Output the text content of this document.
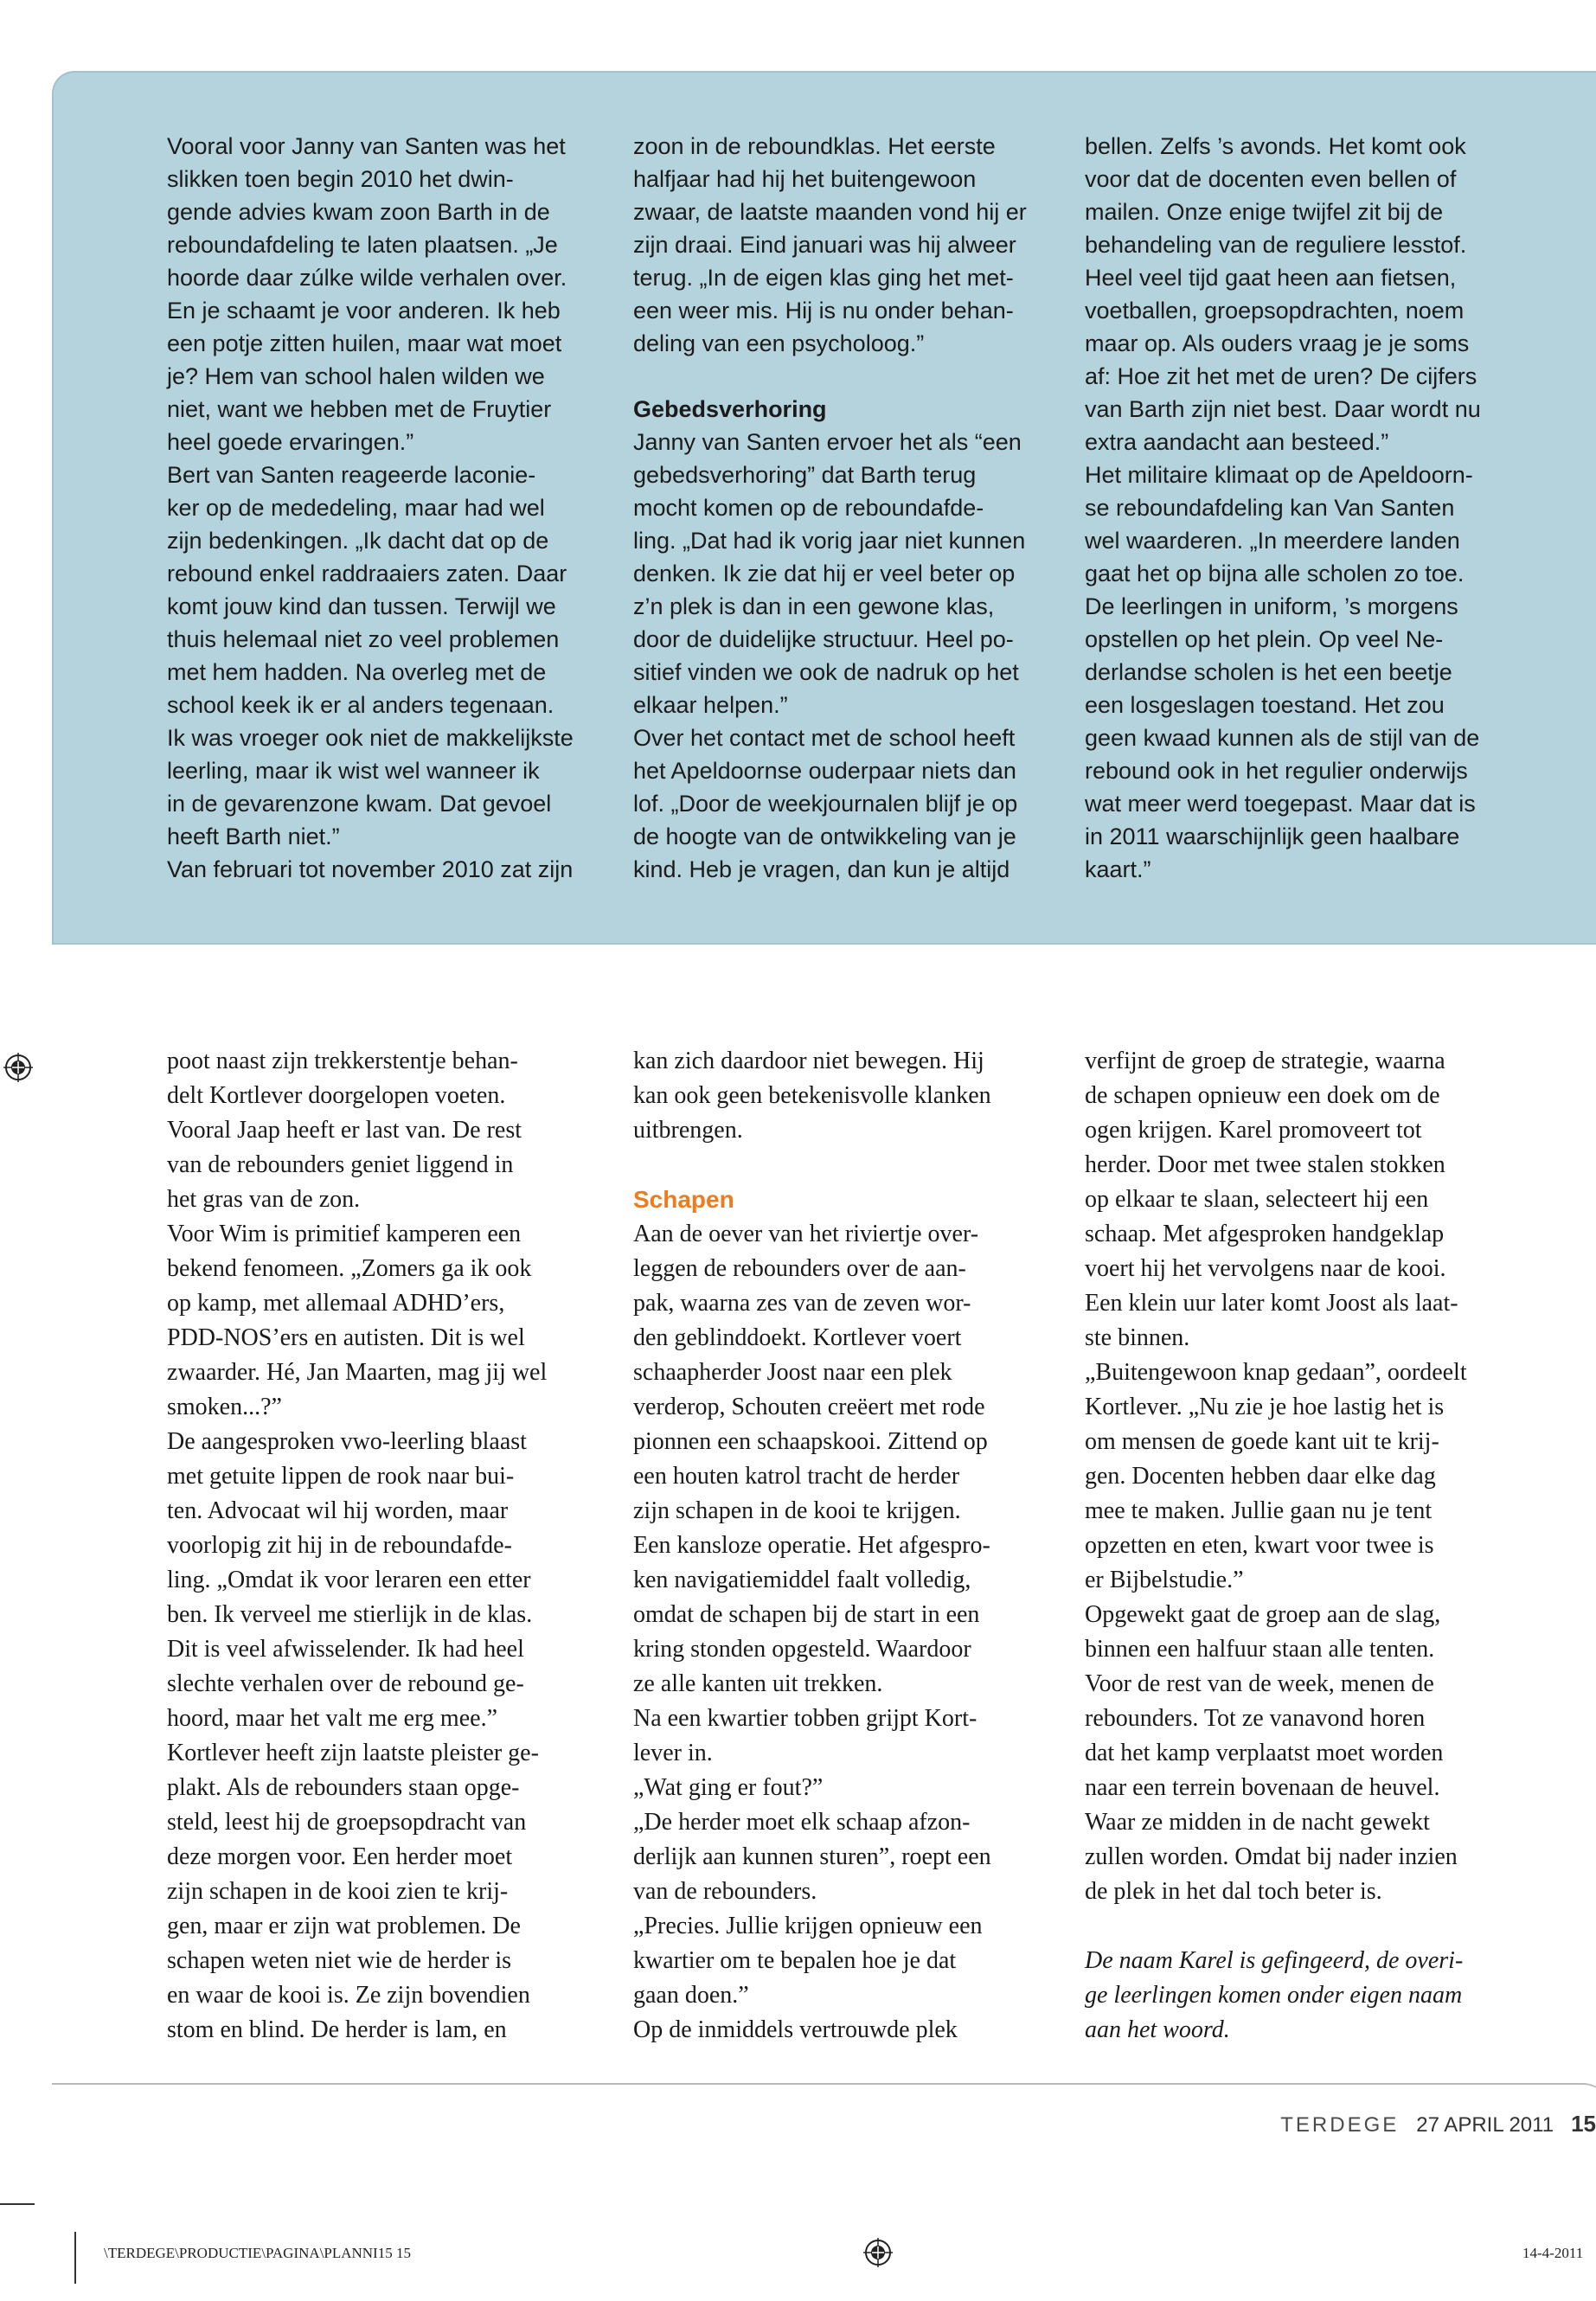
Vooral voor Janny van Santen was het
slikken toen begin 2010 het dwin-
gende advies kwam zoon Barth in de
reboundafdeling te laten plaatsen. „Je
hoorde daar zúlke wilde verhalen over.
En je schaamt je voor anderen. Ik heb
een potje zitten huilen, maar wat moet
je? Hem van school halen wilden we
niet, want we hebben met de Fruytier
heel goede ervaringen.”
Bert van Santen reageerde laconie-
ker op de mededeling, maar had wel
zijn bedenkingen. „Ik dacht dat op de
rebound enkel raddraaiers zaten. Daar
komt jouw kind dan tussen. Terwijl we
thuis helemaal niet zo veel problemen
met hem hadden. Na overleg met de
school keek ik er al anders tegenaan.
Ik was vroeger ook niet de makkelijkste
leerling, maar ik wist wel wanneer ik
in de gevarenzone kwam. Dat gevoel
heeft Barth niet.”
Van februari tot november 2010 zat zijn
zoon in de reboundklas. Het eerste
halfjaar had hij het buitengewoon
zwaar, de laatste maanden vond hij er
zijn draai. Eind januari was hij alweer
terug. „In de eigen klas ging het met-
een weer mis. Hij is nu onder behan-
deling van een psycholoog.”

Gebedsverhoring

Janny van Santen ervoer het als “een
gebedsverhoring” dat Barth terug
mocht komen op de reboundafde-
ling. „Dat had ik vorig jaar niet kunnen
denken. Ik zie dat hij er veel beter op
z’n plek is dan in een gewone klas,
door de duidelijke structuur. Heel po-
sitief vinden we ook de nadruk op het
elkaar helpen.”
Over het contact met de school heeft
het Apeldoornse ouderpaar niets dan
lof. „Door de weekjournalen blijf je op
de hoogte van de ontwikkeling van je
kind. Heb je vragen, dan kun je altijd
bellen. Zelfs ’s avonds. Het komt ook
voor dat de docenten even bellen of
mailen. Onze enige twijfel zit bij de
behandeling van de reguliere lesstof.
Heel veel tijd gaat heen aan fietsen,
voetballen, groepsopdrachten, noem
maar op. Als ouders vraag je je soms
af: Hoe zit het met de uren? De cijfers
van Barth zijn niet best. Daar wordt nu
extra aandacht aan besteed.”
Het militaire klimaat op de Apeldoorn-
se reboundafdeling kan Van Santen
wel waarderen. „In meerdere landen
gaat het op bijna alle scholen zo toe.
De leerlingen in uniform, ’s morgens
opstellen op het plein. Op veel Ne-
derlandse scholen is het een beetje
een losgeslagen toestand. Het zou
geen kwaad kunnen als de stijl van de
rebound ook in het regulier onderwijs
wat meer werd toegepast. Maar dat is
in 2011 waarschijnlijk geen haalbare
kaart.”
poot naast zijn trekkerstentje behan-
delt Kortlever doorgelopen voeten.
Vooral Jaap heeft er last van. De rest
van de rebounders geniet liggend in
het gras van de zon.
Voor Wim is primitief kamperen een
bekend fenomeen. „Zomers ga ik ook
op kamp, met allemaal ADHD’ers,
PDD-NOS’ers en autisten. Dit is wel
zwaarder. Hé, Jan Maarten, mag jij wel
smoken...?”
De aangesproken vwo-leerling blaast
met getuite lippen de rook naar bui-
ten. Advocaat wil hij worden, maar
voorlopig zit hij in de reboundafde-
ling. „Omdat ik voor leraren een etter
ben. Ik verveel me stierlijk in de klas.
Dit is veel afwisselender. Ik had heel
slechte verhalen over de rebound ge-
hoord, maar het valt me erg mee.”
Kortlever heeft zijn laatste pleister ge-
plakt. Als de rebounders staan opge-
steld, leest hij de groepsopdracht van
deze morgen voor. Een herder moet
zijn schapen in de kooi zien te krij-
gen, maar er zijn wat problemen. De
schapen weten niet wie de herder is
en waar de kooi is. Ze zijn bovendien
stom en blind. De herder is lam, en
kan zich daardoor niet bewegen. Hij
kan ook geen betekenisvolle klanken
uitbrengen.

Schapen

Aan de oever van het riviertje over-
leggen de rebounders over de aan-
pak, waarna zes van de zeven wor-
den geblinddoekt. Kortlever voert
schaapherder Joost naar een plek
verderop, Schouten creëert met rode
pionnen een schaapskooi. Zittend op
een houten katrol tracht de herder
zijn schapen in de kooi te krijgen.
Een kansloze operatie. Het afgespro-
ken navigatiemiddel faalt volledig,
omdat de schapen bij de start in een
kring stonden opgesteld. Waardoor
ze alle kanten uit trekken.
Na een kwartier tobben grijpt Kort-
lever in.
„Wat ging er fout?”
„De herder moet elk schaap afzon-
derlijk aan kunnen sturen”, roept een
van de rebounders.
„Precies. Jullie krijgen opnieuw een
kwartier om te bepalen hoe je dat
gaan doen.”
Op de inmiddels vertrouwde plek
verfijnt de groep de strategie, waarna
de schapen opnieuw een doek om de
ogen krijgen. Karel promoveert tot
herder. Door met twee stalen stokken
op elkaar te slaan, selecteert hij een
schaap. Met afgesproken handgeklap
voert hij het vervolgens naar de kooi.
Een klein uur later komt Joost als laat-
ste binnen.
„Buitengewoon knap gedaan”, oordeelt
Kortlever. „Nu zie je hoe lastig het is
om mensen de goede kant uit te krij-
gen. Docenten hebben daar elke dag
mee te maken. Jullie gaan nu je tent
opzetten en eten, kwart voor twee is
er Bijbelstudie.”
Opgewekt gaat de groep aan de slag,
binnen een halfuur staan alle tenten.
Voor de rest van de week, menen de
rebounders. Tot ze vanavond horen
dat het kamp verplaatst moet worden
naar een terrein bovenaan de heuvel.
Waar ze midden in de nacht gewekt
zullen worden. Omdat bij nader inzien
de plek in het dal toch beter is.
De naam Karel is gefingeerd, de overi-
ge leerlingen komen onder eigen naam
aan het woord.
TERDEGE 27 APRIL 2011 15
\TERDEGE\PRODUCTIE\PAGINA\PLANNI15 15	14-4-2011
